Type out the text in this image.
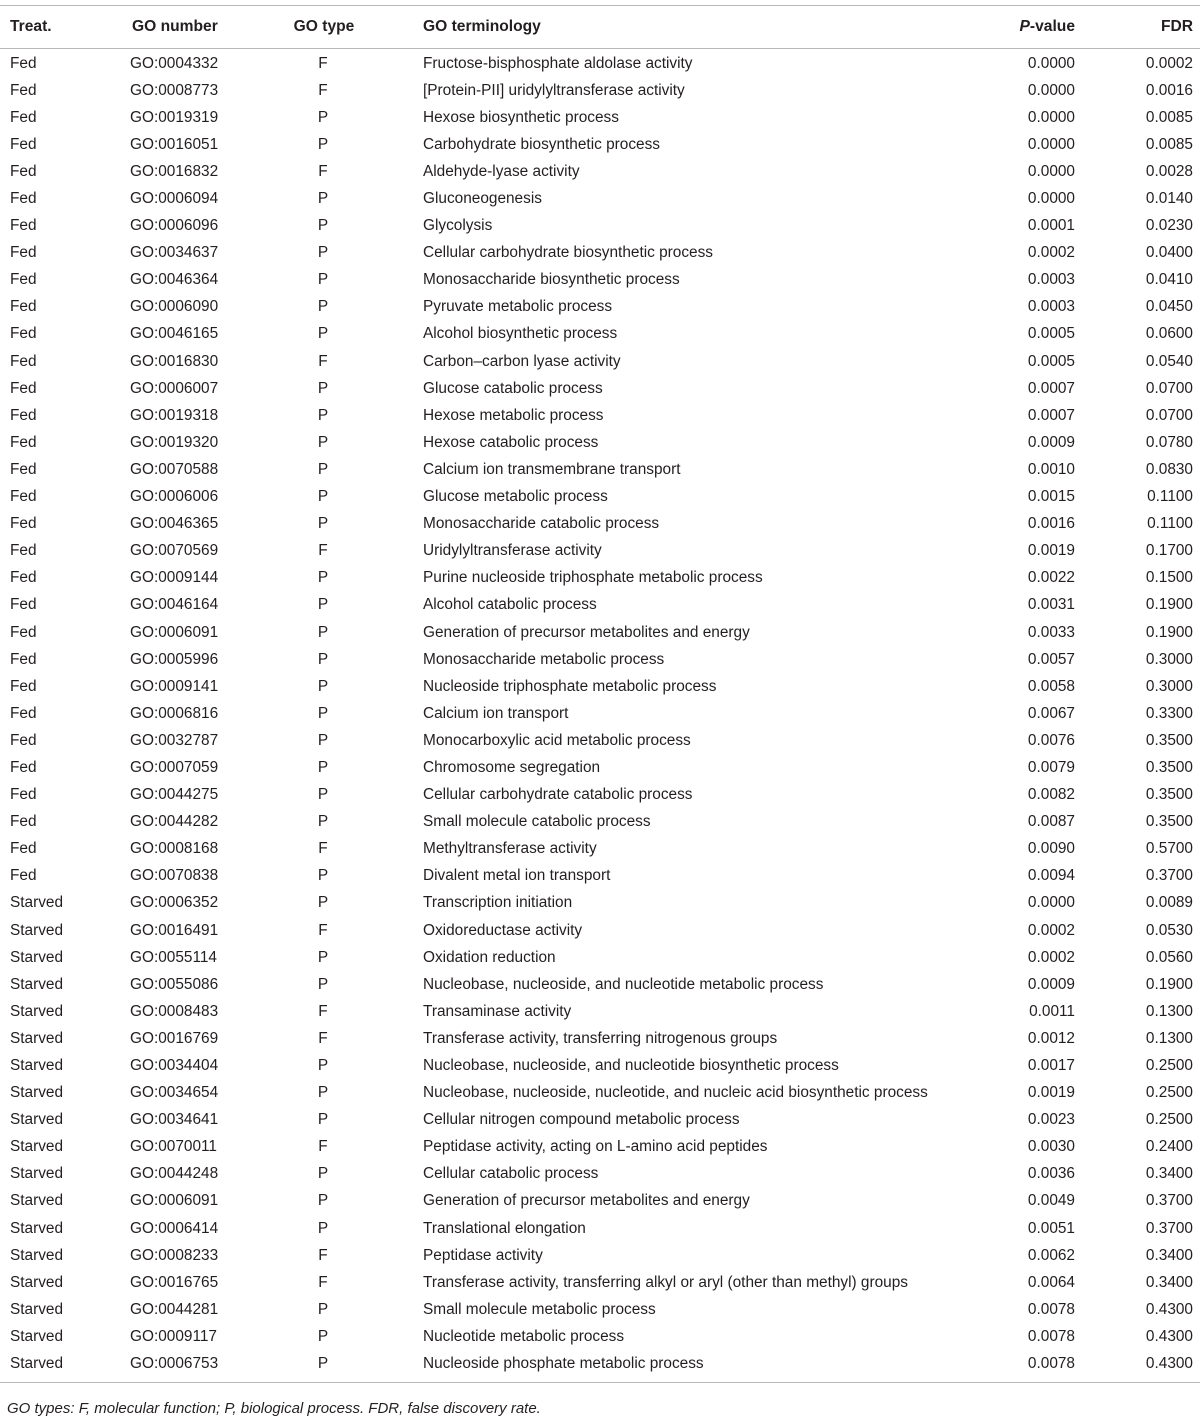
Treat.	GO number	GO type	GO terminology	P -value	FDR
Fed	GO:0004332	F	Fructose-bisphosphate aldolase activity	0.0000	0.0002
Fed	GO:0008773	F	[Protein-PII] uridylyltransferase activity	0.0000	0.0016
Fed	GO:0019319	P	Hexose biosynthetic process	0.0000	0.0085
Fed	GO:0016051	P	Carbohydrate biosynthetic process	0.0000	0.0085
Fed	GO:0016832	F	Aldehyde-lyase activity	0.0000	0.0028
Fed	GO:0006094	P	Gluconeogenesis	0.0000	0.0140
Fed	GO:0006096	P	Glycolysis	0.0001	0.0230
Fed	GO:0034637	P	Cellular carbohydrate biosynthetic process	0.0002	0.0400
Fed	GO:0046364	P	Monosaccharide biosynthetic process	0.0003	0.0410
Fed	GO:0006090	P	Pyruvate metabolic process	0.0003	0.0450
Fed	GO:0046165	P	Alcohol biosynthetic process	0.0005	0.0600
Fed	GO:0016830	F	Carbon–carbon lyase activity	0.0005	0.0540
Fed	GO:0006007	P	Glucose catabolic process	0.0007	0.0700
Fed	GO:0019318	P	Hexose metabolic process	0.0007	0.0700
Fed	GO:0019320	P	Hexose catabolic process	0.0009	0.0780
Fed	GO:0070588	P	Calcium ion transmembrane transport	0.0010	0.0830
Fed	GO:0006006	P	Glucose metabolic process	0.0015	0.1100
Fed	GO:0046365	P	Monosaccharide catabolic process	0.0016	0.1100
Fed	GO:0070569	F	Uridylyltransferase activity	0.0019	0.1700
Fed	GO:0009144	P	Purine nucleoside triphosphate metabolic process	0.0022	0.1500
Fed	GO:0046164	P	Alcohol catabolic process	0.0031	0.1900
Fed	GO:0006091	P	Generation of precursor metabolites and energy	0.0033	0.1900
Fed	GO:0005996	P	Monosaccharide metabolic process	0.0057	0.3000
Fed	GO:0009141	P	Nucleoside triphosphate metabolic process	0.0058	0.3000
Fed	GO:0006816	P	Calcium ion transport	0.0067	0.3300
Fed	GO:0032787	P	Monocarboxylic acid metabolic process	0.0076	0.3500
Fed	GO:0007059	P	Chromosome segregation	0.0079	0.3500
Fed	GO:0044275	P	Cellular carbohydrate catabolic process	0.0082	0.3500
Fed	GO:0044282	P	Small molecule catabolic process	0.0087	0.3500
Fed	GO:0008168	F	Methyltransferase activity	0.0090	0.5700
Fed	GO:0070838	P	Divalent metal ion transport	0.0094	0.3700
Starved	GO:0006352	P	Transcription initiation	0.0000	0.0089
Starved	GO:0016491	F	Oxidoreductase activity	0.0002	0.0530
Starved	GO:0055114	P	Oxidation reduction	0.0002	0.0560
Starved	GO:0055086	P	Nucleobase, nucleoside, and nucleotide metabolic process	0.0009	0.1900
Starved	GO:0008483	F	Transaminase activity	0.0011	0.1300
Starved	GO:0016769	F	Transferase activity, transferring nitrogenous groups	0.0012	0.1300
Starved	GO:0034404	P	Nucleobase, nucleoside, and nucleotide biosynthetic process	0.0017	0.2500
Starved	GO:0034654	P	Nucleobase, nucleoside, nucleotide, and nucleic acid biosynthetic process	0.0019	0.2500
Starved	GO:0034641	P	Cellular nitrogen compound metabolic process	0.0023	0.2500
Starved	GO:0070011	F	Peptidase activity, acting on L-amino acid peptides	0.0030	0.2400
Starved	GO:0044248	P	Cellular catabolic process	0.0036	0.3400
Starved	GO:0006091	P	Generation of precursor metabolites and energy	0.0049	0.3700
Starved	GO:0006414	P	Translational elongation	0.0051	0.3700
Starved	GO:0008233	F	Peptidase activity	0.0062	0.3400
Starved	GO:0016765	F	Transferase activity, transferring alkyl or aryl (other than methyl) groups	0.0064	0.3400
Starved	GO:0044281	P	Small molecule metabolic process	0.0078	0.4300
Starved	GO:0009117	P	Nucleotide metabolic process	0.0078	0.4300
Starved	GO:0006753	P	Nucleoside phosphate metabolic process	0.0078	0.4300
GO types: F, molecular function; P, biological process. FDR, false discovery rate.
